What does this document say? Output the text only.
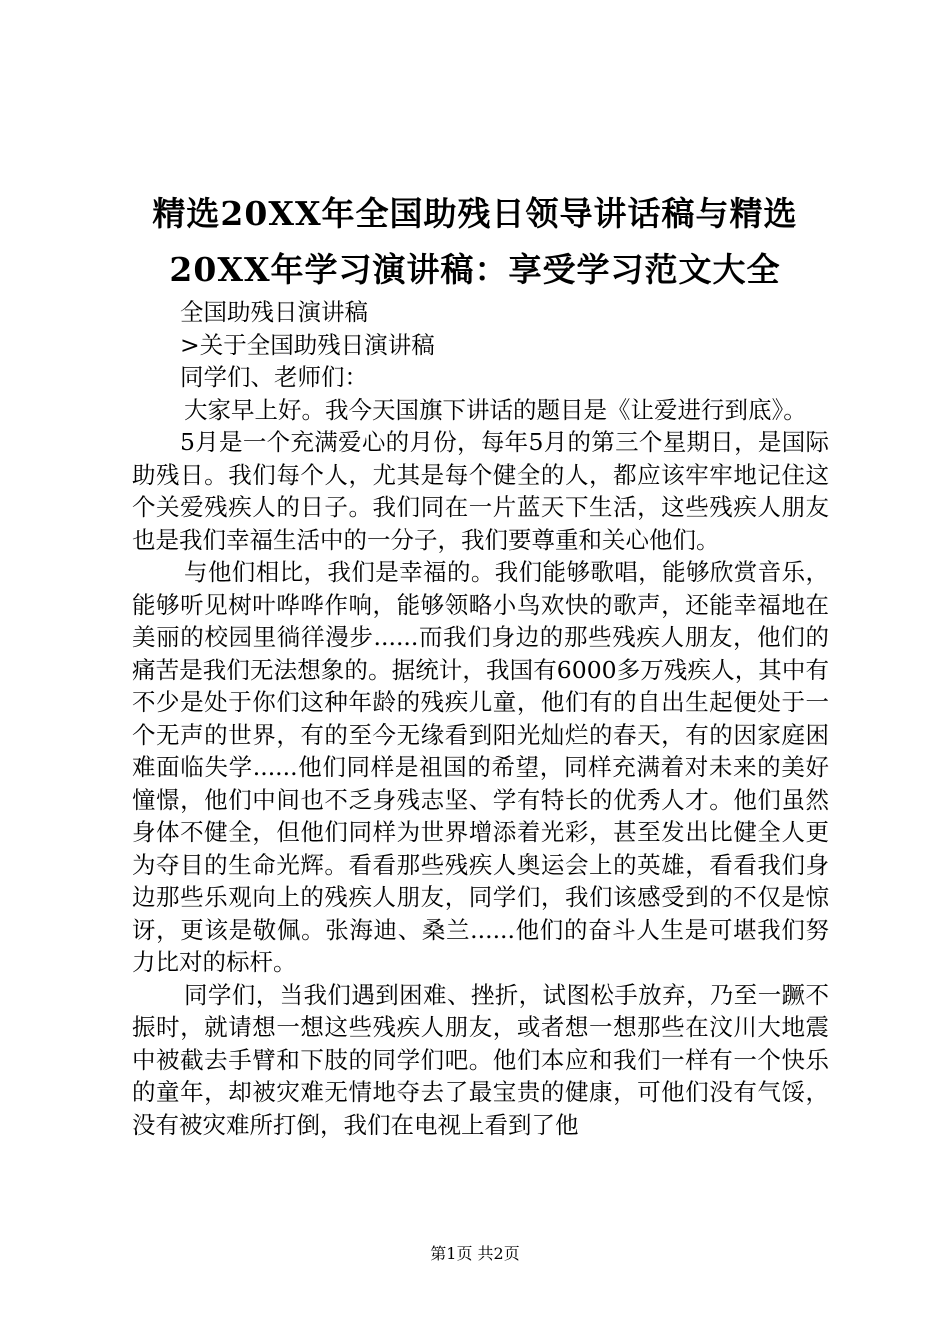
精选20XX年全国助残日领导讲话稿与精选
20XX年学习演讲稿：享受学习范文大全

全国助残日演讲稿

>关于全国助残日演讲稿

同学们、老师们：

大家早上好。我今天国旗下讲话的题目是《让爱进行到底》。

5月是一个充满爱心的月份，每年5月的第三个星期日，是国际助残日。我们每个人，尤其是每个健全的人，都应该牢牢地记住这个关爱残疾人的日子。我们同在一片蓝天下生活，这些残疾人朋友也是我们幸福生活中的一分子，我们要尊重和关心他们。

与他们相比，我们是幸福的。我们能够歌唱，能够欣赏音乐，能够听见树叶哗哗作响，能够领略小鸟欢快的歌声，还能幸福地在美丽的校园里徜徉漫步......而我们身边的那些残疾人朋友，他们的痛苦是我们无法想象的。据统计，我国有6000多万残疾人，其中有不少是处于你们这种年龄的残疾儿童，他们有的自出生起便处于一个无声的世界，有的至今无缘看到阳光灿烂的春天，有的因家庭困难面临失学......他们同样是祖国的希望，同样充满着对未来的美好憧憬，他们中间也不乏身残志坚、学有特长的优秀人才。他们虽然身体不健全，但他们同样为世界增添着光彩，甚至发出比健全人更为夺目的生命光辉。看看那些残疾人奥运会上的英雄，看看我们身边那些乐观向上的残疾人朋友，同学们，我们该感受到的不仅是惊讶，更该是敬佩。张海迪、桑兰......他们的奋斗人生是可堪我们努力比对的标杆。

同学们，当我们遇到困难、挫折，试图松手放弃，乃至一蹶不振时，就请想一想这些残疾人朋友，或者想一想那些在汶川大地震中被截去手臂和下肢的同学们吧。他们本应和我们一样有一个快乐的童年，却被灾难无情地夺去了最宝贵的健康，可他们没有气馁，没有被灾难所打倒，我们在电视上看到了他

第1页 共2页
